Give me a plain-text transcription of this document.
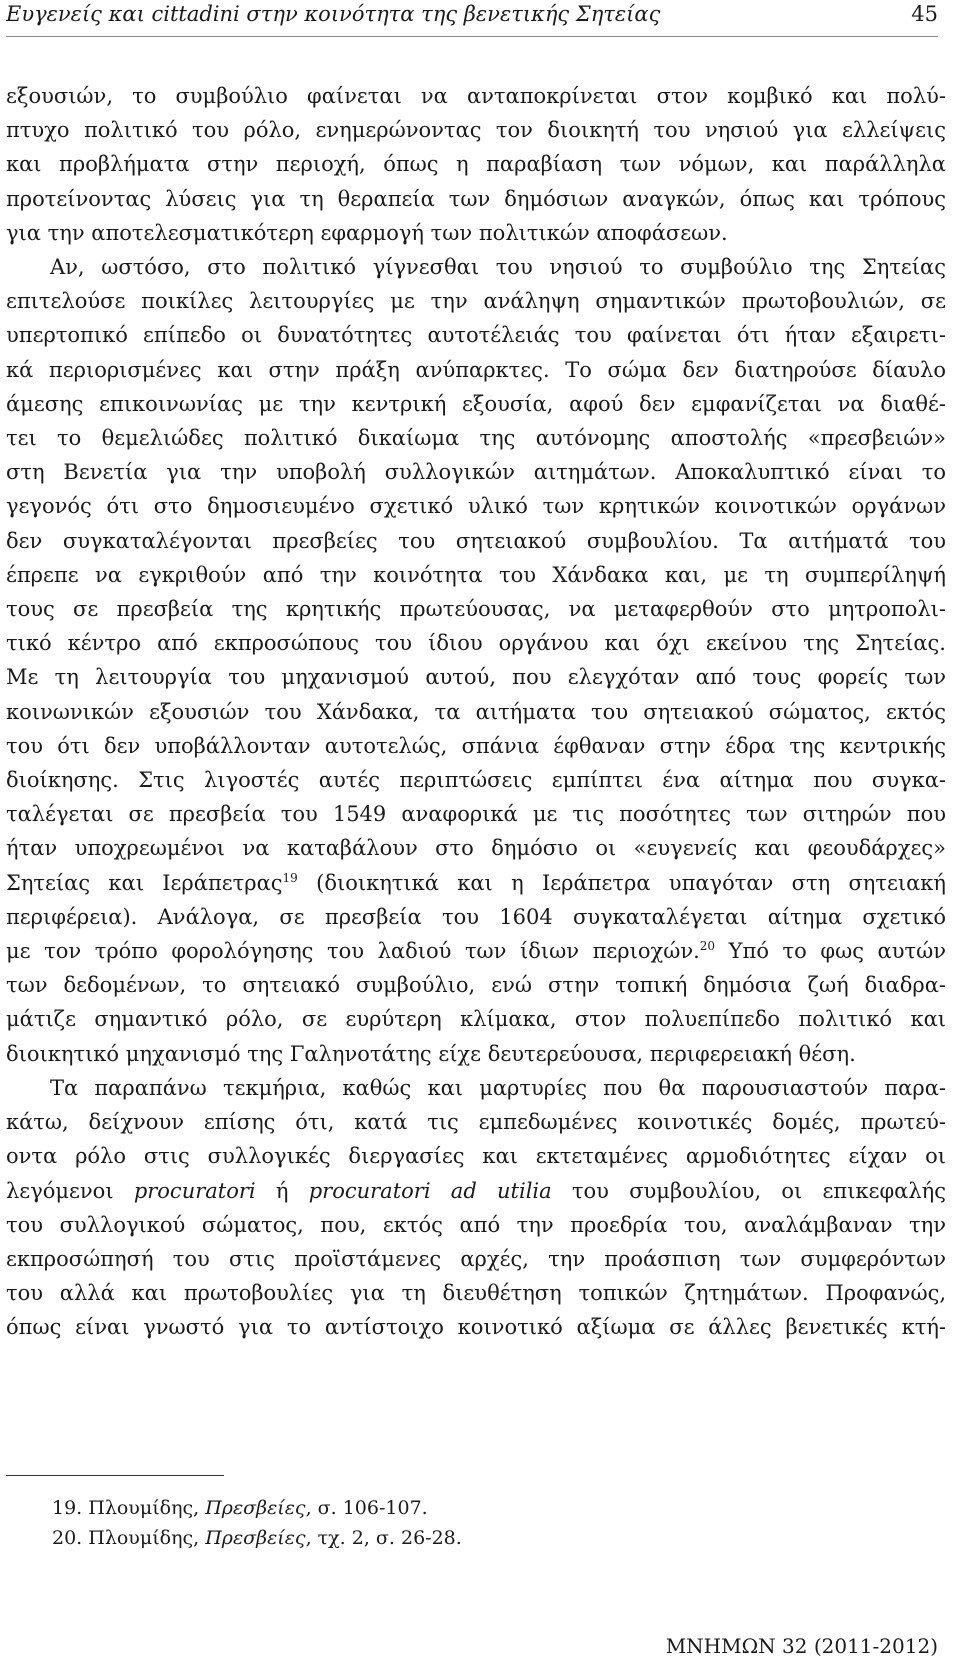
Ευγενείς και cittadini στην κοινότητα της βενετικής Σητείας	45
εξουσιών, το συμβούλιο φαίνεται να ανταποκρίνεται στον κομβικό και πολύ-
πτυχο πολιτικό του ρόλο, ενημερώνοντας τον διοικητή του νησιού για ελλείψεις
και προβλήματα στην περιοχή, όπως η παραβίαση των νόμων, και παράλληλα
προτείνοντας λύσεις για τη θεραπεία των δημόσιων αναγκών, όπως και τρόπους
για την αποτελεσματικότερη εφαρμογή των πολιτικών αποφάσεων.
Αν, ωστόσο, στο πολιτικό γίγνεσθαι του νησιού το συμβούλιο της Σητείας
επιτελούσε ποικίλες λειτουργίες με την ανάληψη σημαντικών πρωτοβουλιών, σε
υπερτοπικό επίπεδο οι δυνατότητες αυτοτέλειάς του φαίνεται ότι ήταν εξαιρετι-
κά περιορισμένες και στην πράξη ανύπαρκτες. Το σώμα δεν διατηρούσε δίαυλο
άμεσης επικοινωνίας με την κεντρική εξουσία, αφού δεν εμφανίζεται να διαθέ-
τει το θεμελιώδες πολιτικό δικαίωμα της αυτόνομης αποστολής «πρεσβειών»
στη Βενετία για την υποβολή συλλογικών αιτημάτων. Αποκαλυπτικό είναι το
γεγονός ότι στο δημοσιευμένο σχετικό υλικό των κρητικών κοινοτικών οργάνων
δεν συγκαταλέγονται πρεσβείες του σητειακού συμβουλίου. Τα αιτήματά του
έπρεπε να εγκριθούν από την κοινότητα του Χάνδακα και, με τη συμπερίληψή
τους σε πρεσβεία της κρητικής πρωτεύουσας, να μεταφερθούν στο μητροπολι-
τικό κέντρο από εκπροσώπους του ίδιου οργάνου και όχι εκείνου της Σητείας.
Με τη λειτουργία του μηχανισμού αυτού, που ελεγχόταν από τους φορείς των
κοινωνικών εξουσιών του Χάνδακα, τα αιτήματα του σητειακού σώματος, εκτός
του ότι δεν υποβάλλονταν αυτοτελώς, σπάνια έφθαναν στην έδρα της κεντρικής
διοίκησης. Στις λιγοστές αυτές περιπτώσεις εμπίπτει ένα αίτημα που συγκα-
ταλέγεται σε πρεσβεία του 1549 αναφορικά με τις ποσότητες των σιτηρών που
ήταν υποχρεωμένοι να καταβάλουν στο δημόσιο οι «ευγενείς και φεουδάρχες»
Σητείας και Ιεράπετρας$^{19}$ (διοικητικά και η Ιεράπετρα υπαγόταν στη σητειακή
περιφέρεια). Ανάλογα, σε πρεσβεία του 1604 συγκαταλέγεται αίτημα σχετικό
με τον τρόπο φορολόγησης του λαδιού των ίδιων περιοχών.$^{20}$ Υπό το φως αυτών
των δεδομένων, το σητειακό συμβούλιο, ενώ στην τοπική δημόσια ζωή διαδρα-
μάτιζε σημαντικό ρόλο, σε ευρύτερη κλίμακα, στον πολυεπίπεδο πολιτικό και
διοικητικό μηχανισμό της Γαληνοτάτης είχε δευτερεύουσα, περιφερειακή θέση.
Τα παραπάνω τεκμήρια, καθώς και μαρτυρίες που θα παρουσιαστούν παρα-
κάτω, δείχνουν επίσης ότι, κατά τις εμπεδωμένες κοινοτικές δομές, πρωτεύ-
οντα ρόλο στις συλλογικές διεργασίες και εκτεταμένες αρμοδιότητες είχαν οι
λεγόμενοι procuratori ή procuratori ad utilia του συμβουλίου, οι επικεφαλής
του συλλογικού σώματος, που, εκτός από την προεδρία του, αναλάμβαναν την
εκπροσώπησή του στις προϊστάμενες αρχές, την προάσπιση των συμφερόντων
του αλλά και πρωτοβουλίες για τη διευθέτηση τοπικών ζητημάτων. Προφανώς,
όπως είναι γνωστό για το αντίστοιχο κοινοτικό αξίωμα σε άλλες βενετικές κτή-
19. Πλουμίδης, Πρεσβείες, σ. 106-107.
20. Πλουμίδης, Πρεσβείες, τχ. 2, σ. 26-28.
ΜΝΗΜΩΝ 32 (2011-2012)
